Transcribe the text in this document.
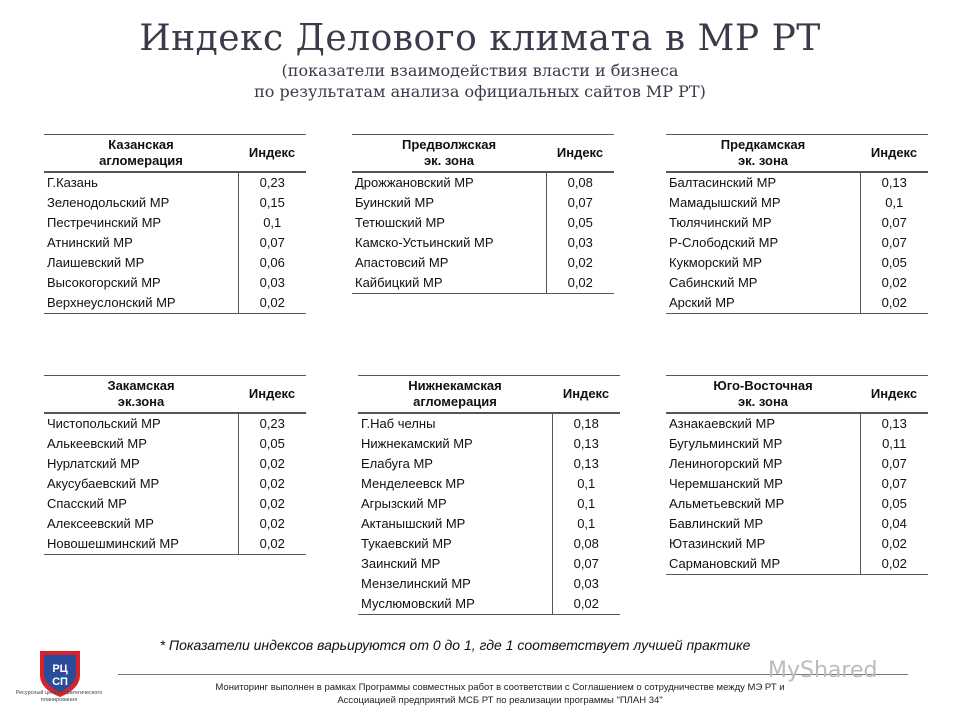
Индекс Делового климата в МР РТ
(показатели взаимодействия власти и бизнеса
по результатам анализа официальных сайтов МР РТ)
Казанская
агломерация	Индекс
Г.Казань	0,23
Зеленодольский МР	0,15
Пестречинский МР	0,1
Атнинский МР	0,07
Лаишевский МР	0,06
Высокогорский МР	0,03
Верхнеуслонский МР	0,02
Предволжская
эк. зона	Индекс
Дрожжановский МР	0,08
Буинский МР	0,07
Тетюшский МР	0,05
Камско-Устьинский МР	0,03
Апастовсий МР	0,02
Кайбицкий МР	0,02
Предкамская
эк. зона	Индекс
Балтасинский МР	0,13
Мамадышский МР	0,1
Тюлячинский МР	0,07
Р-Слободский МР	0,07
Кукморский МР	0,05
Сабинский МР	0,02
Арский МР	0,02
Закамская
эк.зона	Индекс
Чистопольский МР	0,23
Алькеевский МР	0,05
Нурлатский МР	0,02
Акусубаевский МР	0,02
Спасский МР	0,02
Алексеевский МР	0,02
Новошешминский МР	0,02
Нижнекамская
агломерация	Индекс
Г.Наб челны	0,18
Нижнекамский МР	0,13
Елабуга МР	0,13
Менделеевск МР	0,1
Агрызский МР	0,1
Актанышский МР	0,1
Тукаевский МР	0,08
Заинский МР	0,07
Мензелинский МР	0,03
Муслюмовский МР	0,02
Юго-Восточная
эк. зона	Индекс
Азнакаевский МР	0,13
Бугульминский МР	0,11
Лениногорский МР	0,07
Черемшанский МР	0,07
Альметьевский МР	0,05
Бавлинский МР	0,04
Ютазинский МР	0,02
Сармановский МР	0,02
* Показатели индексов варьируются от 0 до 1, где 1 соответствует лучшей практике
Мониторинг выполнен в рамках Программы совместных работ в соответствии с Соглашением о сотрудничестве между МЭ РТ и
Ассоциацией предприятий МСБ РТ по реализации программы "ПЛАН 34"
РЦ
СП
Ресурсный центр стратегического планирования
MyShared
